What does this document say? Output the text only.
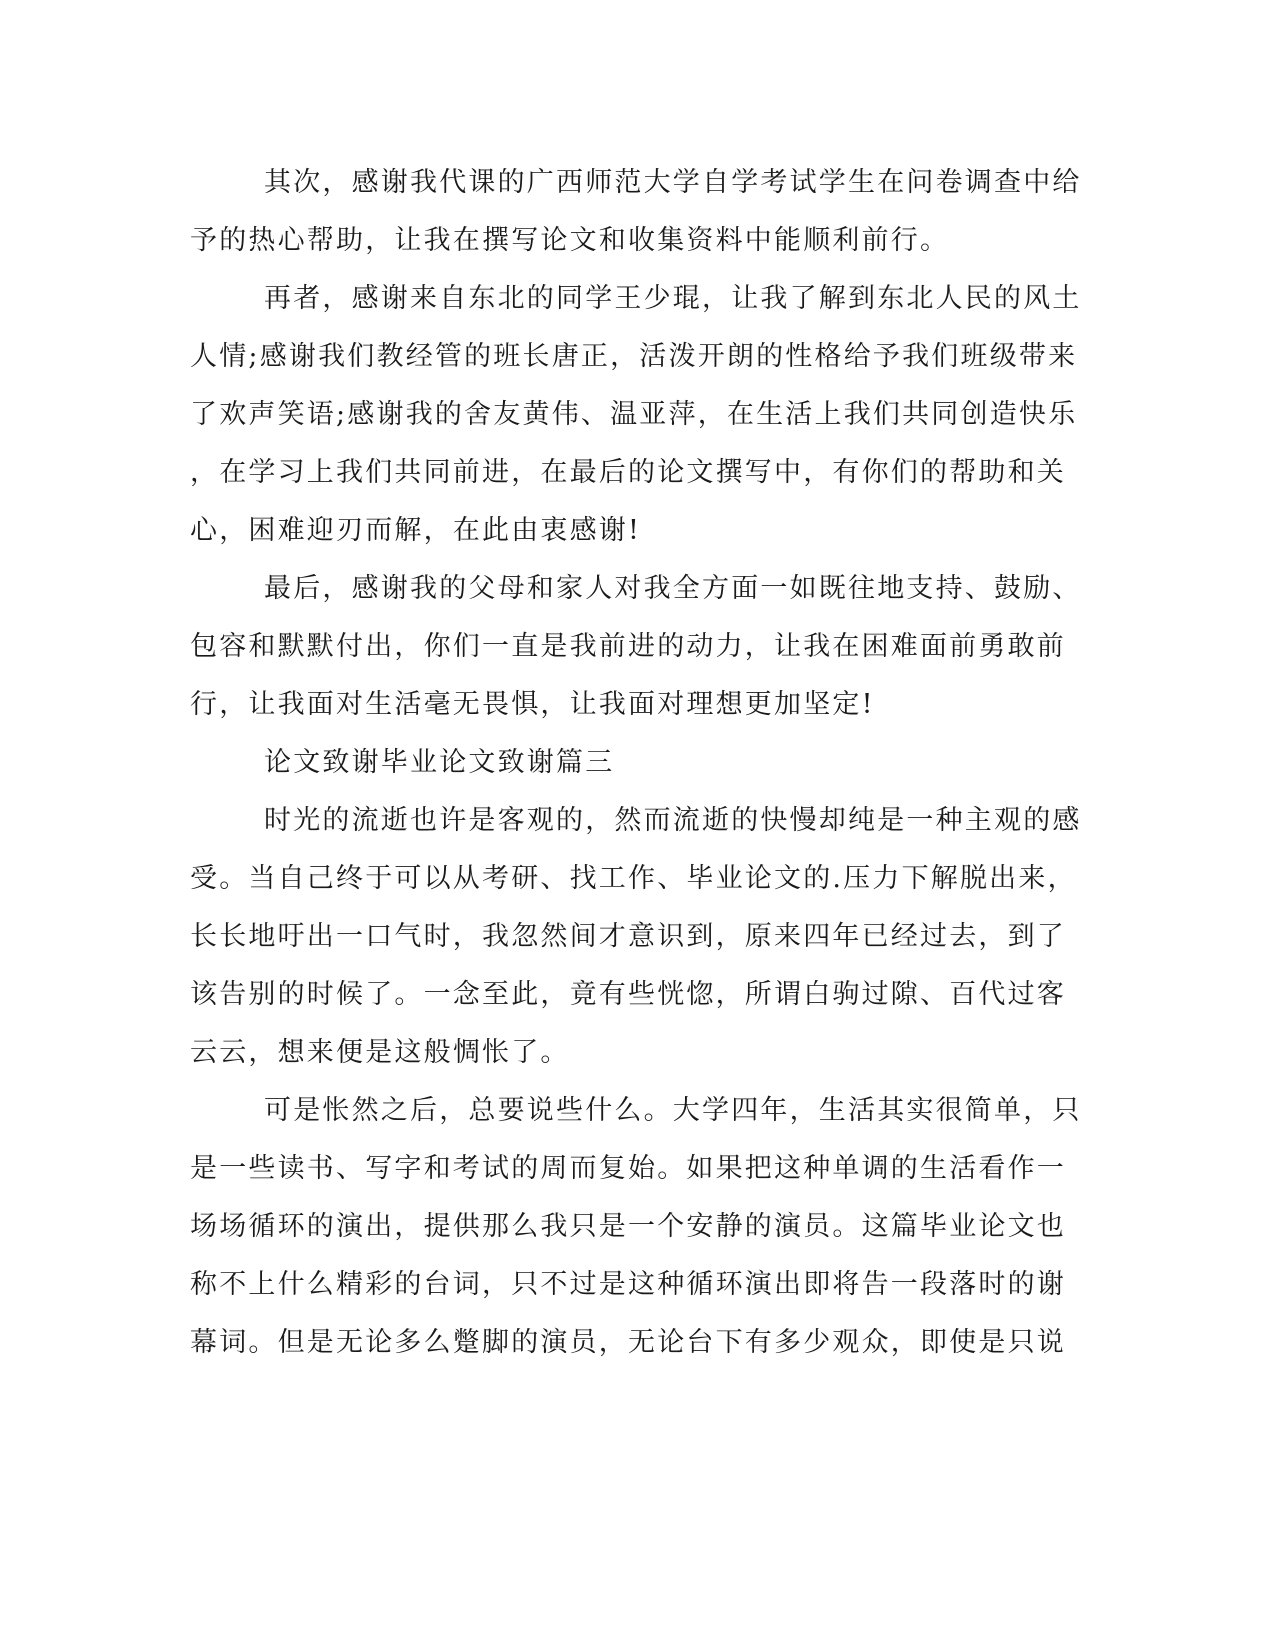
其次，感谢我代课的广西师范大学自学考试学生在问卷调查中给

予的热心帮助，让我在撰写论文和收集资料中能顺利前行。

再者，感谢来自东北的同学王少琨，让我了解到东北人民的风土

人情;感谢我们教经管的班长唐正，活泼开朗的性格给予我们班级带来

了欢声笑语;感谢我的舍友黄伟、温亚萍，在生活上我们共同创造快乐

，在学习上我们共同前进，在最后的论文撰写中，有你们的帮助和关

心，困难迎刃而解，在此由衷感谢!

最后，感谢我的父母和家人对我全方面一如既往地支持、鼓励、

包容和默默付出，你们一直是我前进的动力，让我在困难面前勇敢前

行，让我面对生活毫无畏惧，让我面对理想更加坚定!

论文致谢毕业论文致谢篇三

时光的流逝也许是客观的，然而流逝的快慢却纯是一种主观的感

受。当自己终于可以从考研、找工作、毕业论文的.压力下解脱出来，

长长地吁出一口气时，我忽然间才意识到，原来四年已经过去，到了

该告别的时候了。一念至此，竟有些恍惚，所谓白驹过隙、百代过客

云云，想来便是这般惆怅了。

可是怅然之后，总要说些什么。大学四年，生活其实很简单，只

是一些读书、写字和考试的周而复始。如果把这种单调的生活看作一

场场循环的演出，提供那么我只是一个安静的演员。这篇毕业论文也

称不上什么精彩的台词，只不过是这种循环演出即将告一段落时的谢

幕词。但是无论多么蹩脚的演员，无论台下有多少观众，即使是只说
